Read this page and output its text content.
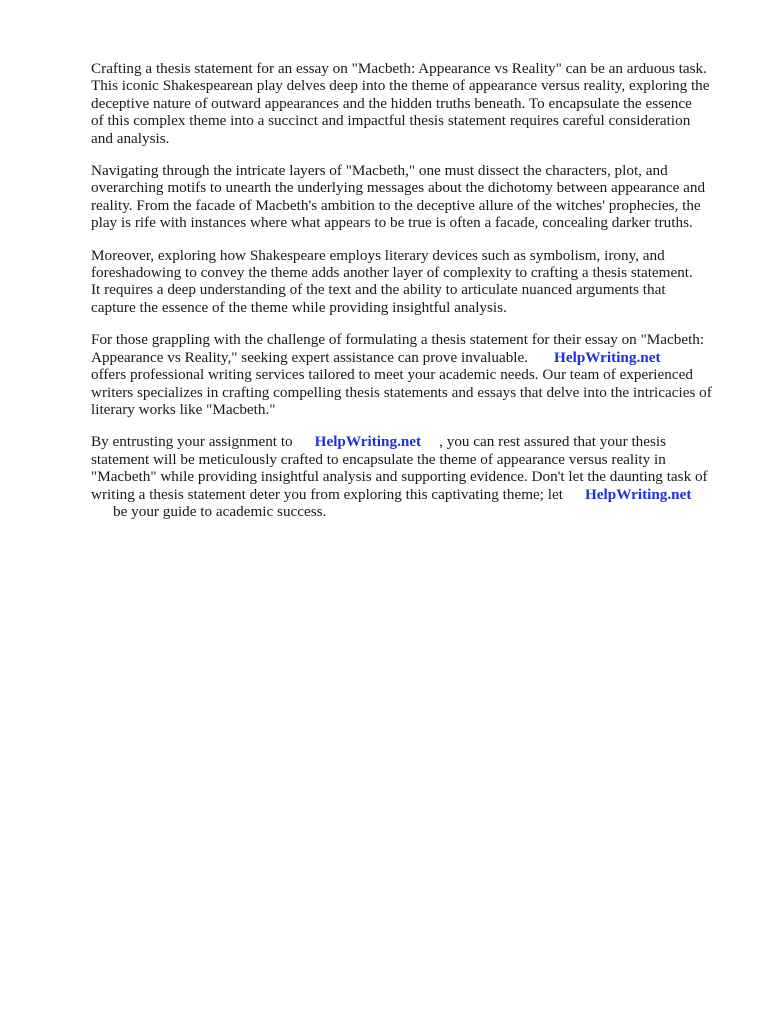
Crafting a thesis statement for an essay on "Macbeth: Appearance vs Reality" can be an arduous task.
This iconic Shakespearean play delves deep into the theme of appearance versus reality, exploring the
deceptive nature of outward appearances and the hidden truths beneath. To encapsulate the essence
of this complex theme into a succinct and impactful thesis statement requires careful consideration
and analysis.

Navigating through the intricate layers of "Macbeth," one must dissect the characters, plot, and
overarching motifs to unearth the underlying messages about the dichotomy between appearance and
reality. From the facade of Macbeth's ambition to the deceptive allure of the witches' prophecies, the
play is rife with instances where what appears to be true is often a facade, concealing darker truths.

Moreover, exploring how Shakespeare employs literary devices such as symbolism, irony, and
foreshadowing to convey the theme adds another layer of complexity to crafting a thesis statement.
It requires a deep understanding of the text and the ability to articulate nuanced arguments that
capture the essence of the theme while providing insightful analysis.

For those grappling with the challenge of formulating a thesis statement for their essay on "Macbeth:
Appearance vs Reality," seeking expert assistance can prove invaluable. HelpWriting.net
offers professional writing services tailored to meet your academic needs. Our team of experienced
writers specializes in crafting compelling thesis statements and essays that delve into the intricacies of
literary works like "Macbeth."

By entrusting your assignment to HelpWriting.net , you can rest assured that your thesis
statement will be meticulously crafted to encapsulate the theme of appearance versus reality in
"Macbeth" while providing insightful analysis and supporting evidence. Don't let the daunting task of
writing a thesis statement deter you from exploring this captivating theme; let HelpWriting.net
be your guide to academic success.
